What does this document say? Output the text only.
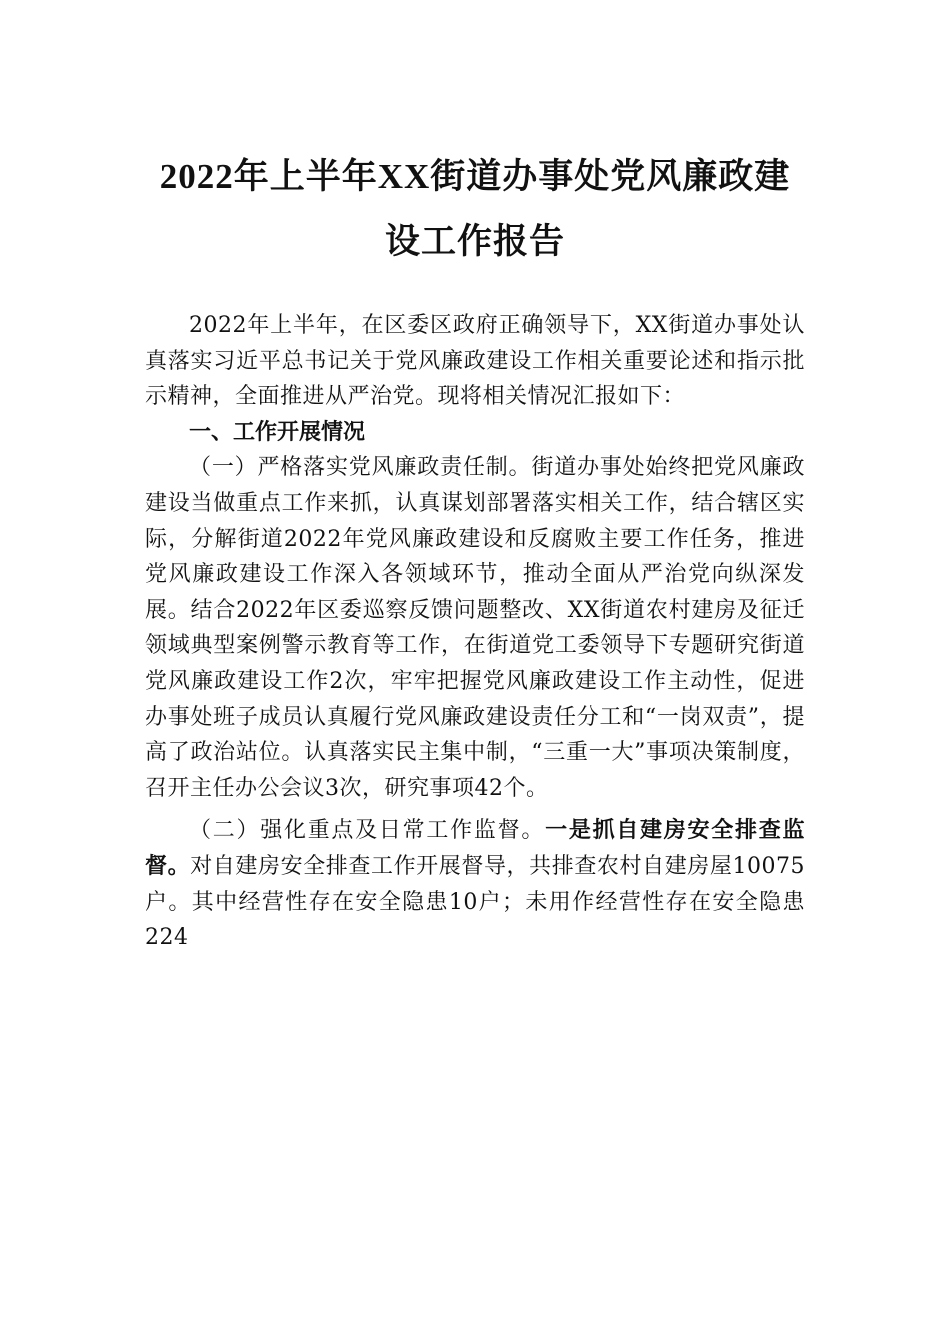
2022年上半年XX街道办事处党风廉政建
设工作报告

2022年上半年，在区委区政府正确领导下，XX街道办事处认真落实习近平总书记关于党风廉政建设工作相关重要论述和指示批示精神，全面推进从严治党。现将相关情况汇报如下：

一、工作开展情况

（一）严格落实党风廉政责任制。街道办事处始终把党风廉政建设当做重点工作来抓，认真谋划部署落实相关工作，结合辖区实际，分解街道2022年党风廉政建设和反腐败主要工作任务，推进党风廉政建设工作深入各领域环节，推动全面从严治党向纵深发展。结合2022年区委巡察反馈问题整改、XX街道农村建房及征迁领域典型案例警示教育等工作，在街道党工委领导下专题研究街道党风廉政建设工作2次，牢牢把握党风廉政建设工作主动性，促进办事处班子成员认真履行党风廉政建设责任分工和“一岗双责”，提高了政治站位。认真落实民主集中制，“三重一大”事项决策制度，召开主任办公会议3次，研究事项42个。

（二）强化重点及日常工作监督。一是抓自建房安全排查监督。对自建房安全排查工作开展督导，共排查农村自建房屋10075户。其中经营性存在安全隐患10户；未用作经营性存在安全隐患224
